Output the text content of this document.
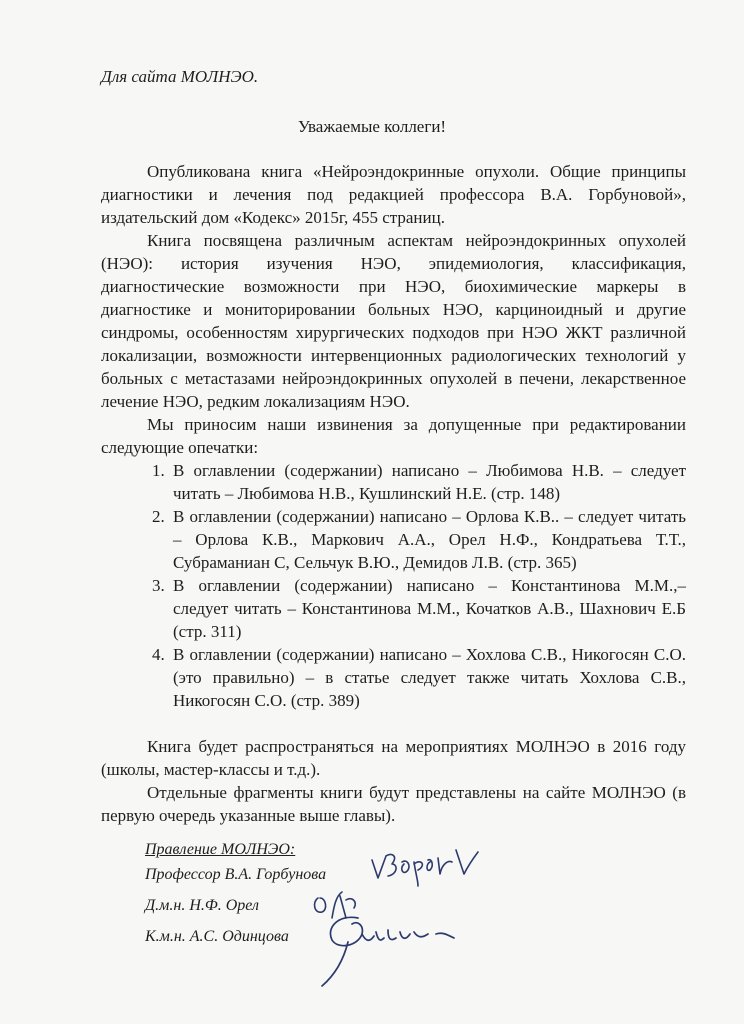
Для сайта МОЛНЭО.
Уважаемые коллеги!

Опубликована книга «Нейроэндокринные опухоли. Общие принципы диагностики и лечения под редакцией профессора В.А. Горбуновой», издательский дом «Кодекс» 2015г, 455 страниц.

Книга посвящена различным аспектам нейроэндокринных опухолей (НЭО): история изучения НЭО, эпидемиология, классификация, диагностические возможности при НЭО, биохимические маркеры в диагностике и мониторировании больных НЭО, карциноидный и другие синдромы, особенностям хирургических подходов при НЭО ЖКТ различной локализации, возможности интервенционных радиологических технологий у больных с метастазами нейроэндокринных опухолей в печени, лекарственное лечение НЭО, редким локализациям НЭО.

Мы приносим наши извинения за допущенные при редактировании следующие опечатки:

1. В оглавлении (содержании) написано – Любимова Н.В. – следует читать – Любимова Н.В., Кушлинский Н.Е. (стр. 148)
2. В оглавлении (содержании) написано – Орлова К.В.. – следует читать – Орлова К.В., Маркович А.А., Орел Н.Ф., Кондратьева Т.Т., Субраманиан С, Сельчук В.Ю., Демидов Л.В. (стр. 365)
3. В оглавлении (содержании) написано – Константинова М.М.,– следует читать – Константинова М.М., Кочатков А.В., Шахнович Е.Б (стр. 311)
4. В оглавлении (содержании) написано – Хохлова С.В., Никогосян С.О. (это правильно) – в статье следует также читать Хохлова С.В., Никогосян С.О. (стр. 389)

Книга будет распространяться на мероприятиях МОЛНЭО в 2016 году (школы, мастер-классы и т.д.).

Отдельные фрагменты книги будут представлены на сайте МОЛНЭО (в первую очередь указанные выше главы).

Правление МОЛНЭО:
Профессор В.А. Горбунова
Д.м.н. Н.Ф. Орел
К.м.н. А.С. Одинцова
